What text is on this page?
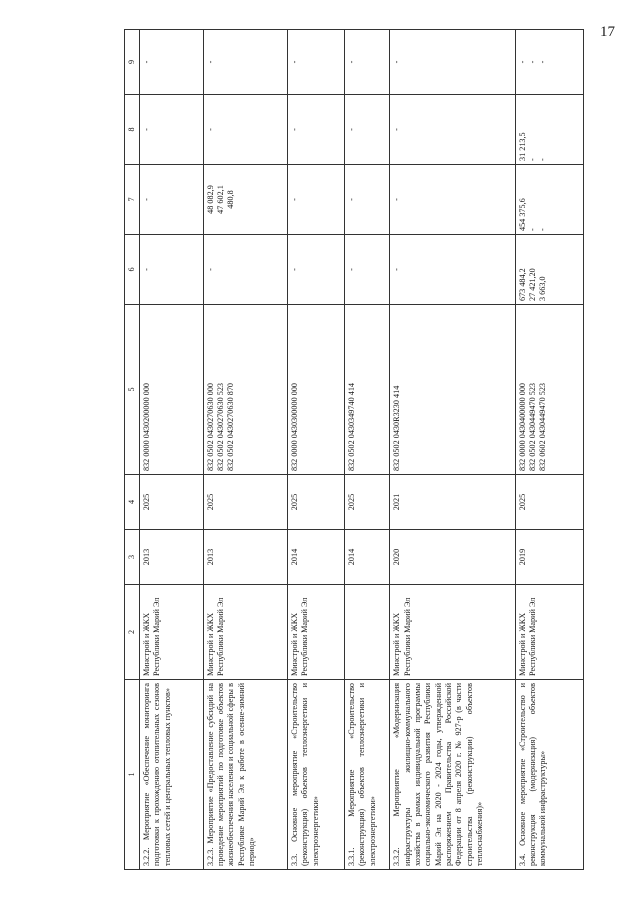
17
1	2	3	4	5	6	7	8	9
3.2.2. Мероприятие «Обеспечение мониторинга подготовки к прохождению отопительных сезонов тепловых сетей и центральных тепловых пунктов»	Минстрой и ЖКХ Республики Марий Эл	2013	2025	832 0000 0430200000 000	-	-	-	-
3.2.3. Мероприятие «Предоставление субсидий на проведение мероприятий по подготовке объектов жизнеобеспечения населения и социальной сферы в Республике Марий Эл к работе в осенне-зимний период»	Минстрой и ЖКХ Республики Марий Эл	2013	2025	832 0502 0430270630 000
832 0502 0430270630 523
832 0502 0430270630 870	-	48 082,9
47 602,1
480,8	-	-
3.3. Основное мероприятие «Строительство (реконструкция) объектов теплоэнергетики и электроэнергетики»	Минстрой и ЖКХ Республики Марий Эл	2014	2025	832 0000 0430300000 000	-	-	-	-
3.3.1. Мероприятие «Строительство (реконструкция) объектов теплоэнергетики и электроэнергетики»		2014	2025	832 0502 0430349740 414	-	-	-	-
3.3.2. Мероприятие «Модернизация инфраструктуры жилищно-коммунального хозяйства в рамках индивидуальной программы социально-экономического развития Республики Марий Эл на 2020 - 2024 годы, утвержденной распоряжением Правительства Российской Федерации от 8 апреля 2020 г. № 927-р (в части строительства (реконструкции) объектов теплоснабжения)»	Минстрой и ЖКХ Республики Марий Эл	2020	2021	832 0502 0430R3230 414	-	-	-	-
3.4. Основное мероприятие «Строительство и реконструкция (модернизация) объектов коммунальной инфраструктуры»	Минстрой и ЖКХ Республики Марий Эл	2019	2025	832 0000 0430400000 000
832 0502 0430449470 523
832 0602 0430449470 523	673 484,2
27 421,20
3 663,0	454 375,6
-
-	31 213,5
-
-	-
-
-
